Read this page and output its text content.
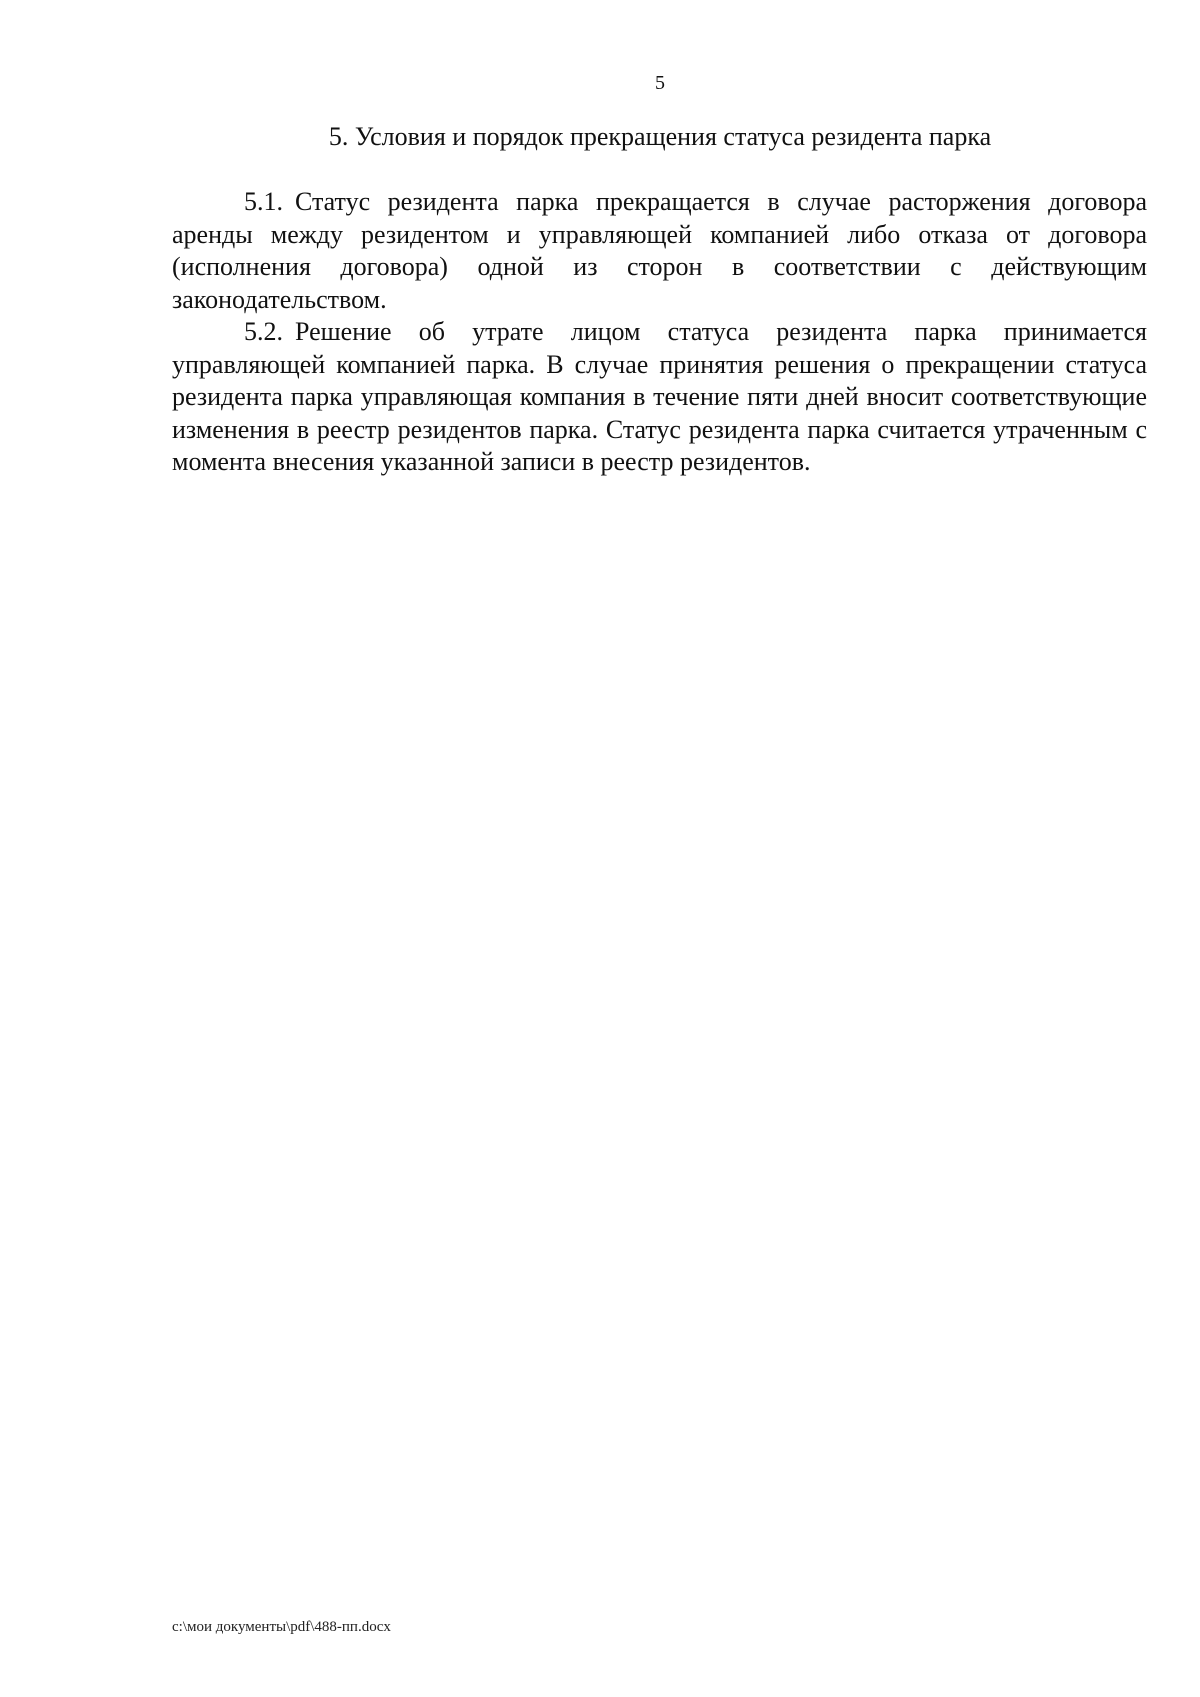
5
5. Условия и порядок прекращения статуса резидента парка

5.1. Статус резидента парка прекращается в случае расторжения договора аренды между резидентом и управляющей компанией либо отказа от договора (исполнения договора) одной из сторон в соответствии с действующим законодательством.

5.2. Решение об утрате лицом статуса резидента парка принимается управляющей компанией парка. В случае принятия решения о прекращении статуса резидента парка управляющая компания в течение пяти дней вносит соответствующие изменения в реестр резидентов парка. Статус резидента парка считается утраченным с момента внесения указанной записи в реестр резидентов.

c:\мои документы\pdf\488-пп.docx
